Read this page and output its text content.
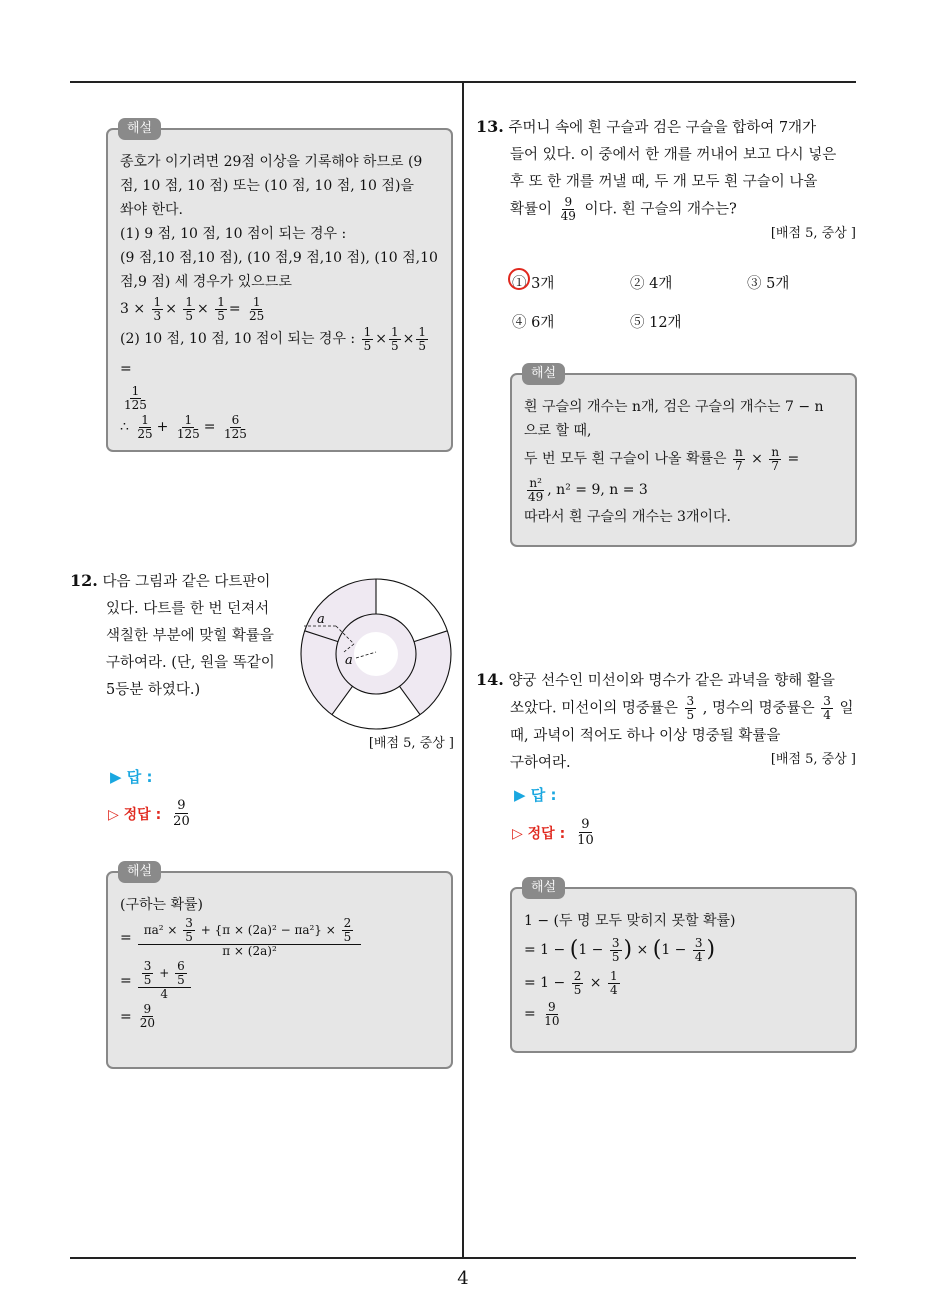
4
해설
종호가 이기려면 29점 이상을 기록해야 하므로 (9
점, 10 점, 10 점) 또는 (10 점, 10 점, 10 점)을
쏴야 한다.
(1) 9 점, 10 점, 10 점이 되는 경우 :
(9 점,10 점,10 점), (10 점,9 점,10 점), (10 점,10
점,9 점) 세 경우가 있으므로
$3 \times \frac{1}{3} \times \frac{1}{5} \times \frac{1}{5} = \frac{1}{25}$
(2) 10 점, 10 점, 10 점이 되는 경우 : $\frac{1}{5} \times \frac{1}{5} \times \frac{1}{5}$
=
$\frac{1}{125}$
∴ $\frac{1}{25} + \frac{1}{125} = \frac{6}{125}$
12. 다음 그림과 같은 다트판이
있다. 다트를 한 번 던져서
색칠한 부분에 맞힐 확률을
구하여라. (단, 원을 똑같이
5등분 하였다.)
a
a
[배점 5, 중상 ]
▶ 답 :
▷ 정답 : $\frac{9}{20}$
해설
(구하는 확률)
= $\frac{\pi a^2 \times \frac{3}{5} + \{\pi \times (2a)^2 - \pi a^2\} \times \frac{2}{5}}{\text{π × (2a)²}}$
= $\frac{\frac{3}{5} + \frac{6}{5}}{4}$
= $\frac{9}{20}$
13. 주머니 속에 흰 구슬과 검은 구슬을 합하여 7개가
들어 있다. 이 중에서 한 개를 꺼내어 보고 다시 넣은
후 또 한 개를 꺼낼 때, 두 개 모두 흰 구슬이 나올
확률이 $\frac{9}{49}$ 이다. 흰 구슬의 개수는?
[배점 5, 중상 ]
① 3개	② 4개	③ 5개
④ 6개	⑤ 12개
해설
흰 구슬의 개수는 n개, 검은 구슬의 개수는 7 − n
으로 할 때,
두 번 모두 흰 구슬이 나올 확률은 $\frac{n}{7} \times \frac{n}{7}$ =
$\frac{\text{n²}}{49}$ , n² = 9, n = 3
따라서 흰 구슬의 개수는 3개이다.
14. 양궁 선수인 미선이와 명수가 같은 과녁을 향해 활을
쏘았다. 미선이의 명중률은 $\frac{3}{5}$ , 명수의 명중률은 $\frac{3}{4}$ 일
때, 과녁이 적어도 하나 이상 명중될 확률을
구하여라.	[배점 5, 중상 ]
▶ 답 :
▷ 정답 : $\frac{9}{10}$
해설
1 − (두 명 모두 맞히지 못할 확률)
= $1 - (1 - \frac{3}{5}$ ) × ($1 - \frac{3}{4}$ )
= $1 - \frac{2}{5} \times \frac{1}{4}$
= $\frac{9}{10}$
